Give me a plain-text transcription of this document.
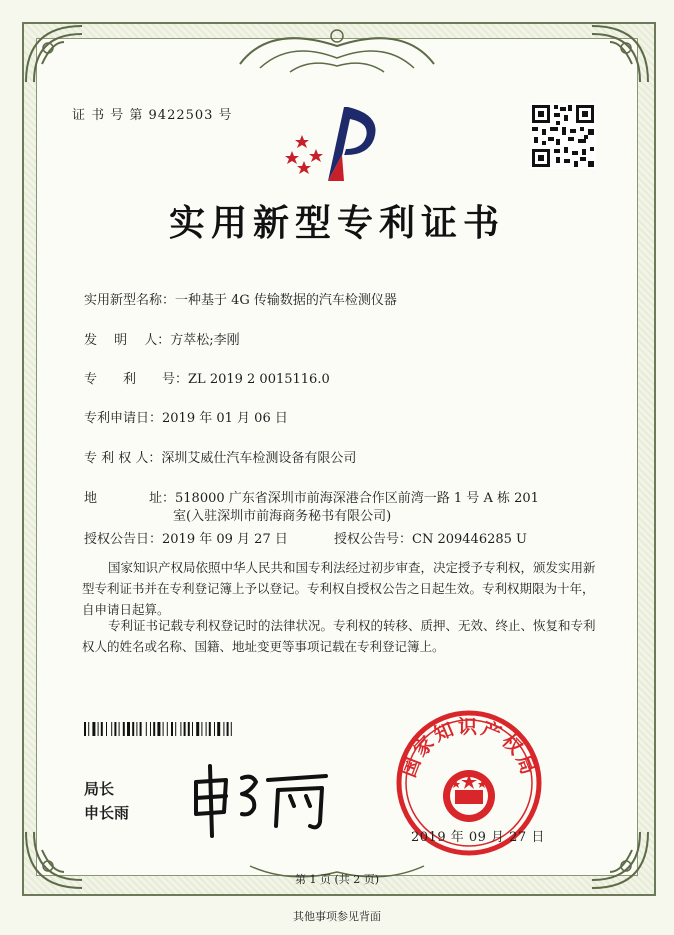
证 书 号 第 9422503 号
实用新型专利证书
实用新型名称：一种基于 4G 传输数据的汽车检测仪器
发　 明　 人：方萃松;李刚
专　　利　　号：ZL 2019 2 0015116.0
专利申请日：2019 年 01 月 06 日
专 利 权 人：深圳艾威仕汽车检测设备有限公司
地　　　　址：518000 广东省深圳市前海深港合作区前湾一路 1 号 A 栋 201
室(入驻深圳市前海商务秘书有限公司)
授权公告日：2019 年 09 月 27 日	授权公告号：CN 209446285 U

国家知识产权局依照中华人民共和国专利法经过初步审查，决定授予专利权，颁发实用新型专利证书并在专利登记簿上予以登记。专利权自授权公告之日起生效。专利权期限为十年，自申请日起算。

专利证书记载专利权登记时的法律状况。专利权的转移、质押、无效、终止、恢复和专利权人的姓名或名称、国籍、地址变更等事项记载在专利登记簿上。

局长
申长雨
国家知识产权局
2019 年 09 月 27 日
第 1 页 (共 2 页)
其他事项参见背面
